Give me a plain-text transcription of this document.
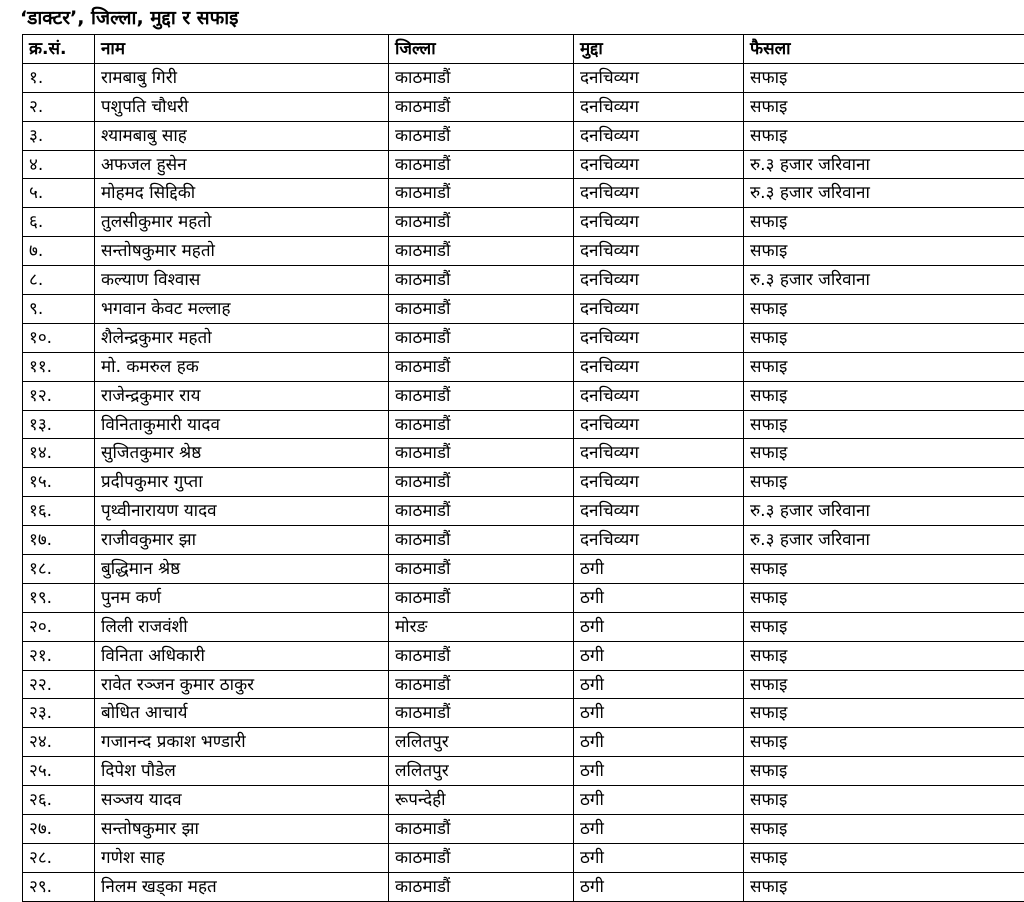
‘डाक्टर’, जिल्ला, मुद्दा र सफाइ
क्र.सं.	नाम	जिल्ला	मुद्दा	फैसला
१.	रामबाबु गिरी	काठमाडौं	दनचिव्यग	सफाइ
२.	पशुपति चौधरी	काठमाडौं	दनचिव्यग	सफाइ
३.	श्यामबाबु साह	काठमाडौं	दनचिव्यग	सफाइ
४.	अफजल हुसेन	काठमाडौं	दनचिव्यग	रु.३ हजार जरिवाना
५.	मोहमद सिद्दिकी	काठमाडौं	दनचिव्यग	रु.३ हजार जरिवाना
६.	तुलसीकुमार महतो	काठमाडौं	दनचिव्यग	सफाइ
७.	सन्तोषकुमार महतो	काठमाडौं	दनचिव्यग	सफाइ
८.	कल्याण विश्वास	काठमाडौं	दनचिव्यग	रु.३ हजार जरिवाना
९.	भगवान केवट मल्लाह	काठमाडौं	दनचिव्यग	सफाइ
१०.	शैलेन्द्रकुमार महतो	काठमाडौं	दनचिव्यग	सफाइ
११.	मो. कमरुल हक	काठमाडौं	दनचिव्यग	सफाइ
१२.	राजेन्द्रकुमार राय	काठमाडौं	दनचिव्यग	सफाइ
१३.	विनिताकुमारी यादव	काठमाडौं	दनचिव्यग	सफाइ
१४.	सुजितकुमार श्रेष्ठ	काठमाडौं	दनचिव्यग	सफाइ
१५.	प्रदीपकुमार गुप्ता	काठमाडौं	दनचिव्यग	सफाइ
१६.	पृथ्वीनारायण यादव	काठमाडौं	दनचिव्यग	रु.३ हजार जरिवाना
१७.	राजीवकुमार झा	काठमाडौं	दनचिव्यग	रु.३ हजार जरिवाना
१८.	बुद्धिमान श्रेष्ठ	काठमाडौं	ठगी	सफाइ
१९.	पुनम कर्ण	काठमाडौं	ठगी	सफाइ
२०.	लिली राजवंशी	मोरङ	ठगी	सफाइ
२१.	विनिता अधिकारी	काठमाडौं	ठगी	सफाइ
२२.	रावेत रञ्जन कुमार ठाकुर	काठमाडौं	ठगी	सफाइ
२३.	बोधित आचार्य	काठमाडौं	ठगी	सफाइ
२४.	गजानन्द प्रकाश भण्डारी	ललितपुर	ठगी	सफाइ
२५.	दिपेश पौडेल	ललितपुर	ठगी	सफाइ
२६.	सञ्जय यादव	रूपन्देही	ठगी	सफाइ
२७.	सन्तोषकुमार झा	काठमाडौं	ठगी	सफाइ
२८.	गणेश साह	काठमाडौं	ठगी	सफाइ
२९.	निलम खड्का महत	काठमाडौं	ठगी	सफाइ
